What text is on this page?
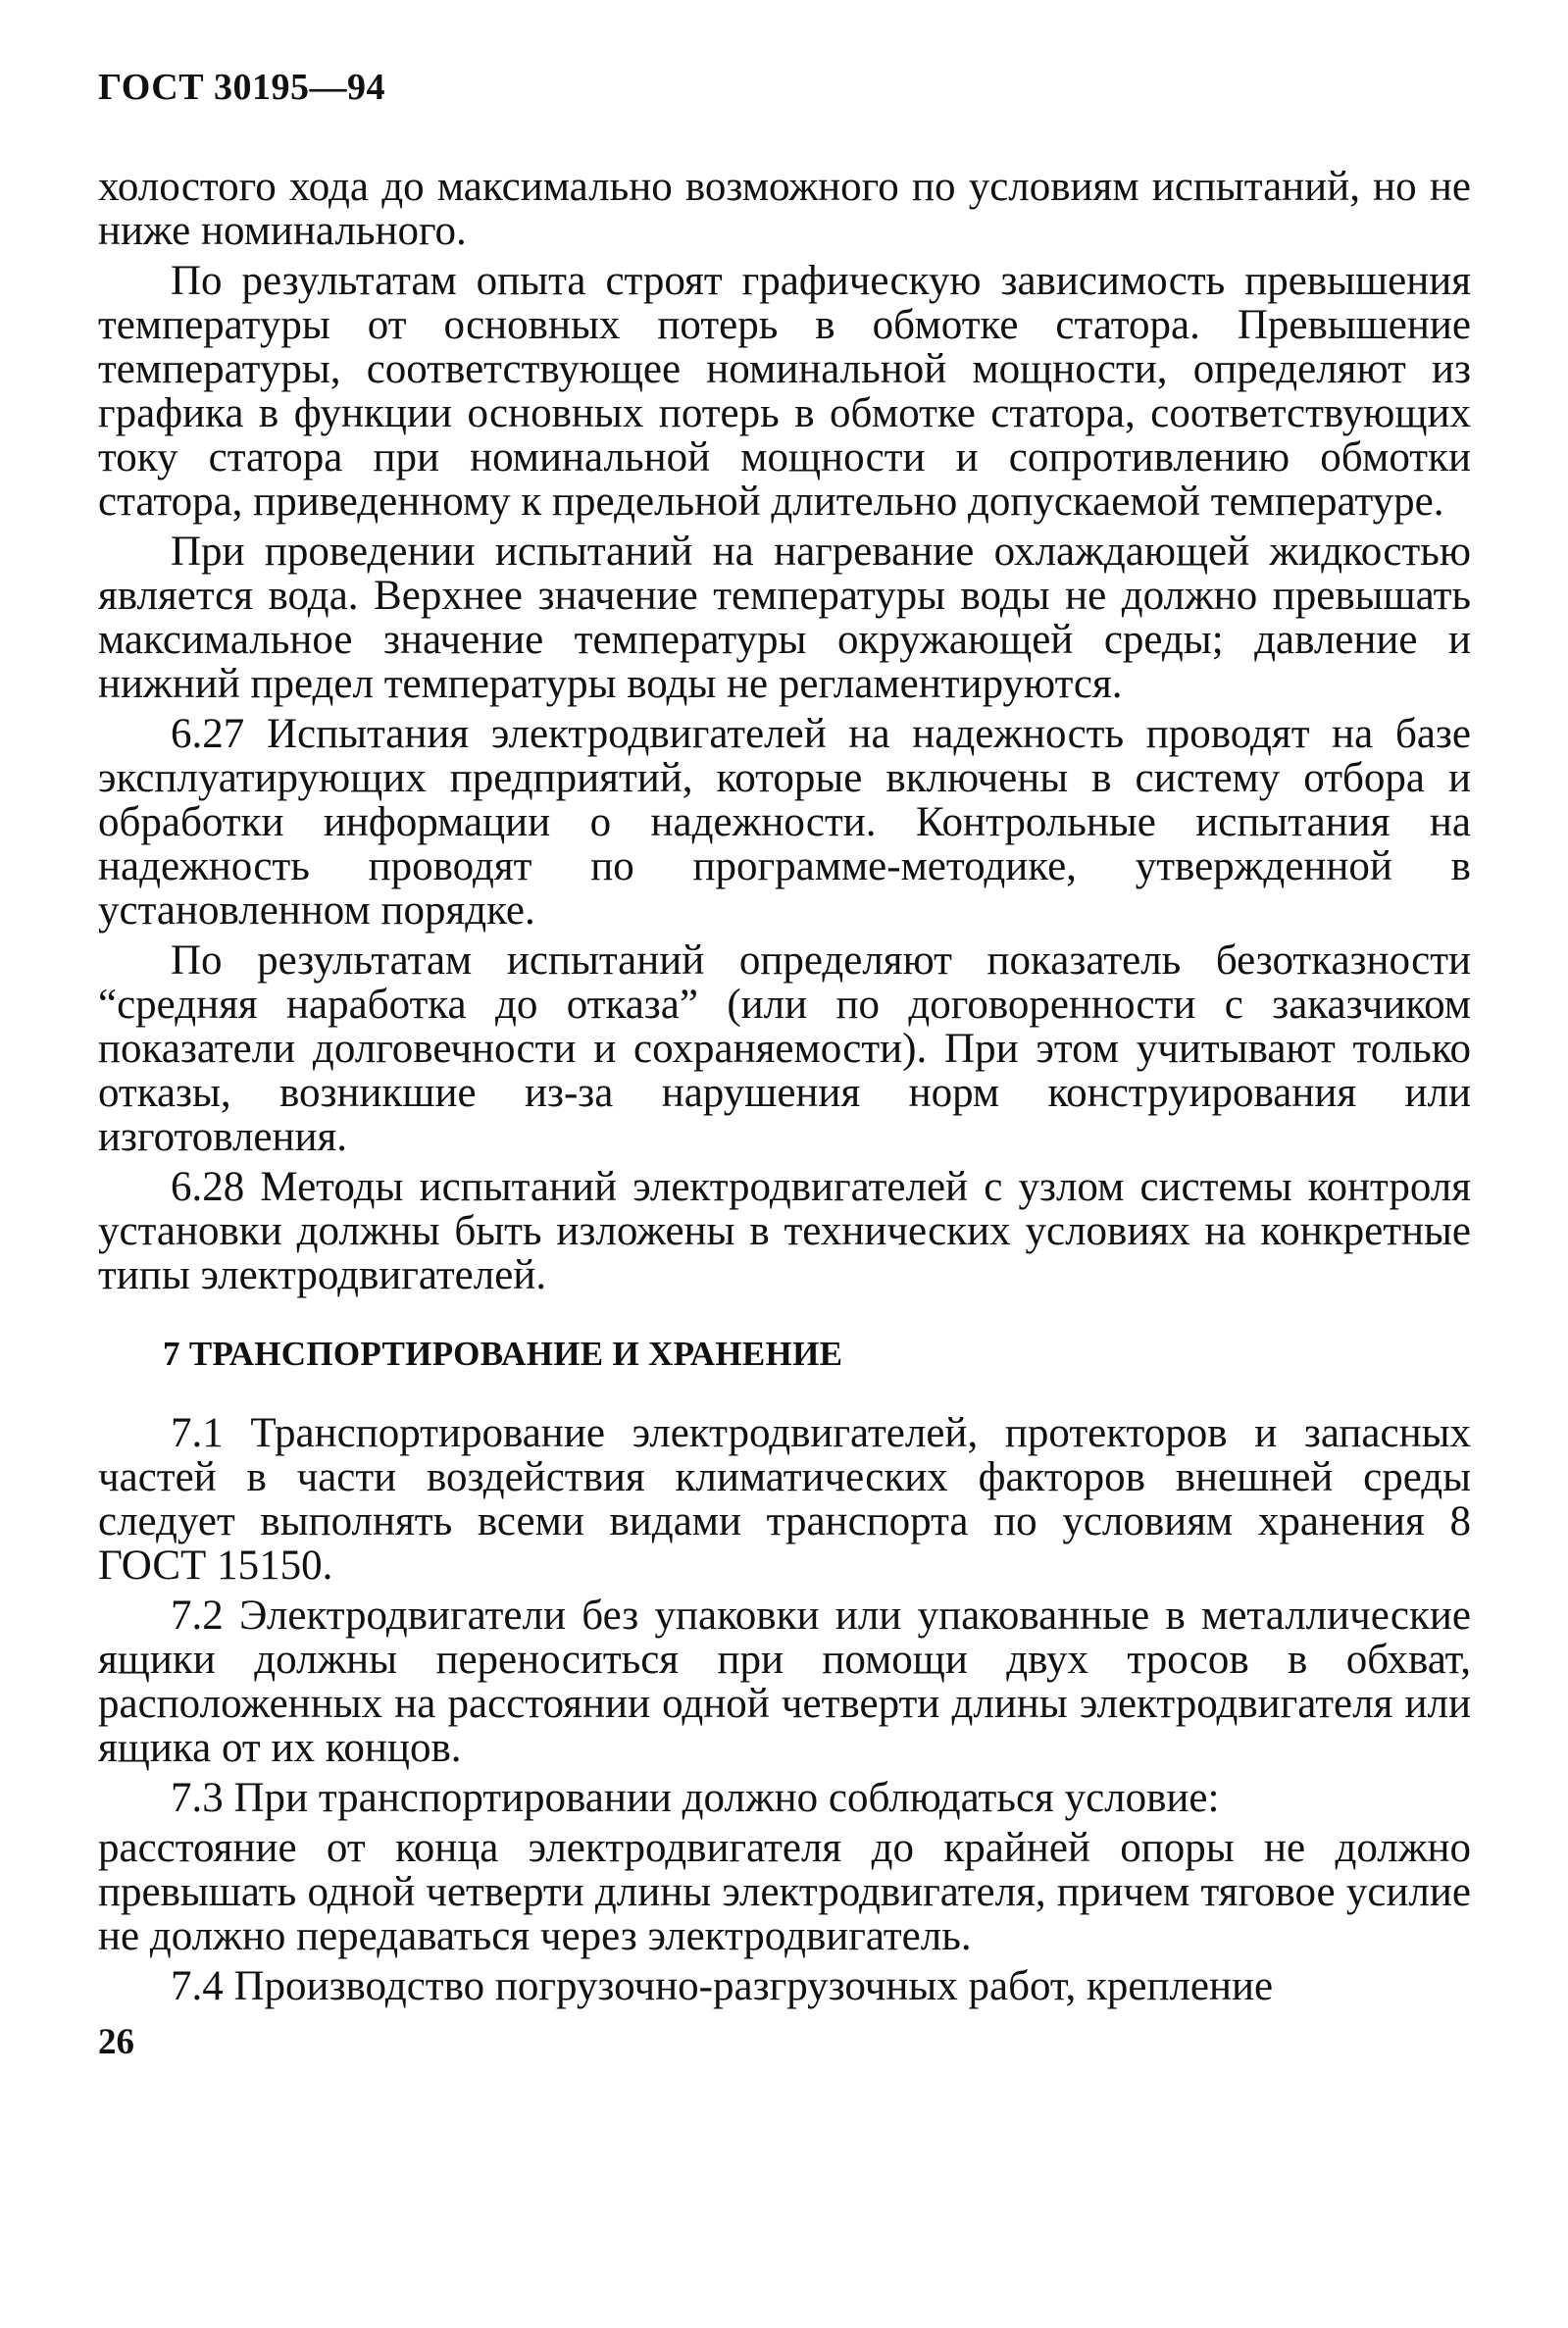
ГОСТ 30195—94

холостого хода до максимально возможного по условиям испытаний, но не ниже номинального.

По результатам опыта строят графическую зависимость превышения температуры от основных потерь в обмотке статора. Превышение температуры, соответствующее номинальной мощности, определяют из графика в функции основных потерь в обмотке статора, соответствующих току статора при номинальной мощности и сопротивлению обмотки статора, приведенному к предельной длительно допускаемой температуре.

При проведении испытаний на нагревание охлаждающей жидкостью является вода. Верхнее значение температуры воды не должно превышать максимальное значение температуры окружающей среды; давление и нижний предел температуры воды не регламентируются.

6.27 Испытания электродвигателей на надежность проводят на базе эксплуатирующих предприятий, которые включены в систему отбора и обработки информации о надежности. Контрольные испытания на надежность проводят по программе-методике, утвержденной в установленном порядке.

По результатам испытаний определяют показатель безотказности “средняя наработка до отказа” (или по договоренности с заказчиком показатели долговечности и сохраняемости). При этом учитывают только отказы, возникшие из-за нарушения норм конструирования или изготовления.

6.28 Методы испытаний электродвигателей с узлом системы контроля установки должны быть изложены в технических условиях на конкретные типы электродвигателей.

7 ТРАНСПОРТИРОВАНИЕ И ХРАНЕНИЕ

7.1 Транспортирование электродвигателей, протекторов и запасных частей в части воздействия климатических факторов внешней среды следует выполнять всеми видами транспорта по условиям хранения 8 ГОСТ 15150.

7.2 Электродвигатели без упаковки или упакованные в металлические ящики должны переноситься при помощи двух тросов в обхват, расположенных на расстоянии одной четверти длины электродвигателя или ящика от их концов.

7.3 При транспортировании должно соблюдаться условие:

расстояние от конца электродвигателя до крайней опоры не должно превышать одной четверти длины электродвигателя, причем тяговое усилие не должно передаваться через электродвигатель.

7.4 Производство погрузочно-разгрузочных работ, крепление

26
